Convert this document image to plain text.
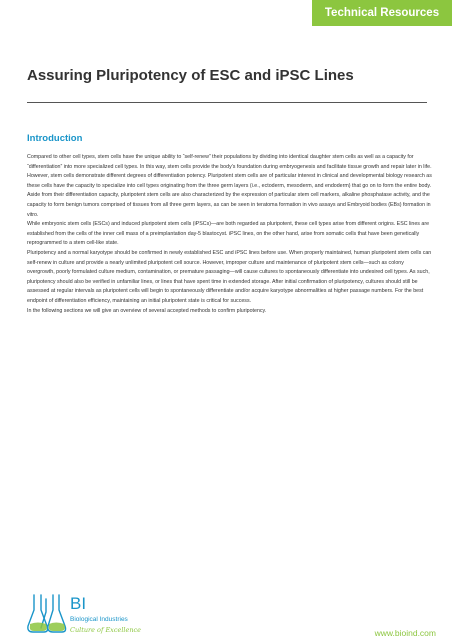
Technical Resources
Assuring Pluripotency of ESC and iPSC Lines
Introduction

Compared to other cell types, stem cells have the unique ability to “self-renew” their populations by dividing into identical daughter stem cells as well as a capacity for “differentiation” into more specialized cell types. In this way, stem cells provide the body’s foundation during embryogenesis and facilitate tissue growth and repair later in life. However, stem cells demonstrate different degrees of differentiation potency. Pluripotent stem cells are of particular interest in clinical and developmental biology research as these cells have the capacity to specialize into cell types originating from the three germ layers (i.e., ectoderm, mesoderm, and endoderm) that go on to form the entire body.

Aside from their differentiation capacity, pluripotent stem cells are also characterized by the expression of particular stem cell markers, alkaline phosphatase activity, and the capacity to form benign tumors comprised of tissues from all three germ layers, as can be seen in teratoma formation in vivo assays and Embryoid bodies (EBs) formation in vitro.

While embryonic stem cells (ESCs) and induced pluripotent stem cells (iPSCs)—are both regarded as pluripotent, these cell types arise from different origins. ESC lines are established from the cells of the inner cell mass of a preimplantation day-5 blastocyst. iPSC lines, on the other hand, arise from somatic cells that have been genetically reprogrammed to a stem cell-like state.

Pluripotency and a normal karyotype should be confirmed in newly established ESC and iPSC lines before use. When properly maintained, human pluripotent stem cells can self-renew in culture and provide a nearly unlimited pluripotent cell source. However, improper culture and maintenance of pluripotent stem cells—such as colony overgrowth, poorly formulated culture medium, contamination, or premature passaging—will cause cultures to spontaneously differentiate into undesired cell types. As such, pluripotency should also be verified in unfamiliar lines, or lines that have spent time in extended storage. After initial confirmation of pluripotency, cultures should still be assessed at regular intervals as pluripotent cells will begin to spontaneously differentiate and/or acquire karyotype abnormalities at higher passage numbers. For the best endpoint of differentiation efficiency, maintaining an initial pluripotent state is critical for success.

In the following sections we will give an overview of several accepted methods to confirm pluripotency.

BI
Biological Industries
Culture of Excellence	www.bioind.com
